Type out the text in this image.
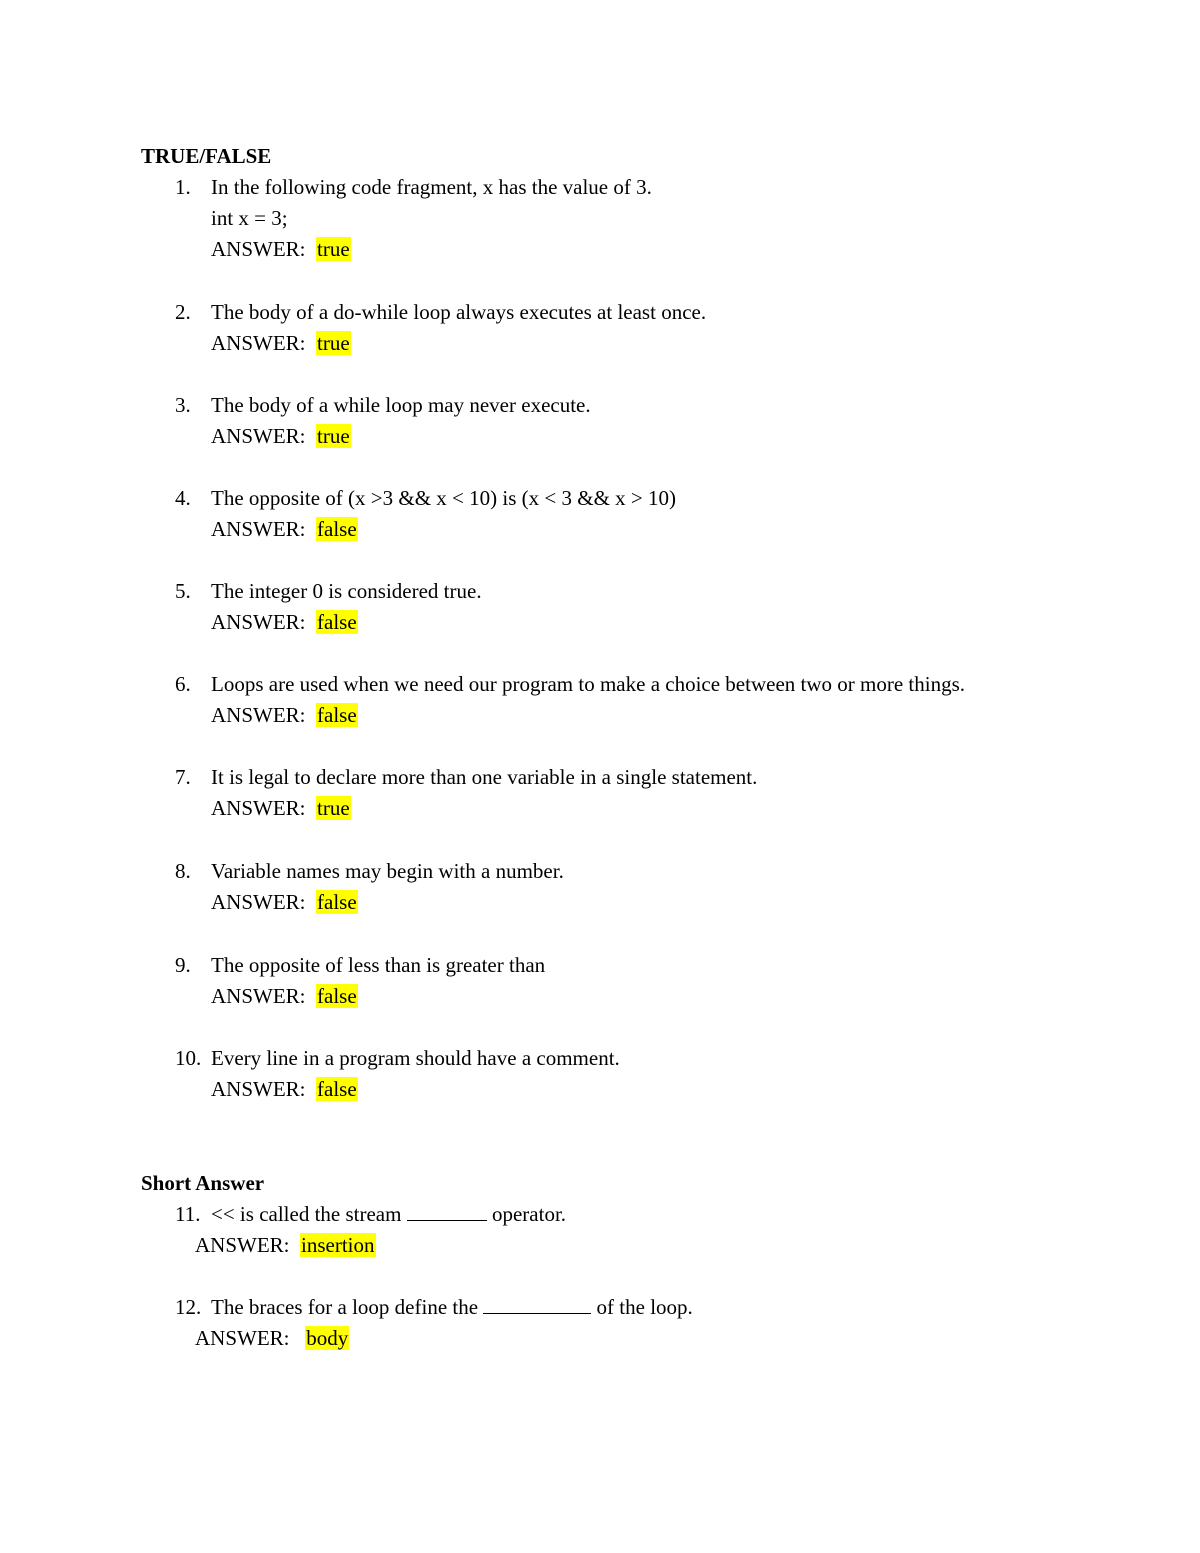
TRUE/FALSE
1. In the following code fragment, x has the value of 3.
int x = 3;
ANSWER: true
2. The body of a do-while loop always executes at least once.
ANSWER: true
3. The body of a while loop may never execute.
ANSWER: true
4. The opposite of (x >3 && x < 10) is (x < 3 && x > 10)
ANSWER: false
5. The integer 0 is considered true.
ANSWER: false
6. Loops are used when we need our program to make a choice between two or more things.
ANSWER: false
7. It is legal to declare more than one variable in a single statement.
ANSWER: true
8. Variable names may begin with a number.
ANSWER: false
9. The opposite of less than is greater than
ANSWER: false
10. Every line in a program should have a comment.
ANSWER: false
Short Answer
11. << is called the stream	operator.
ANSWER: insertion
12. The braces for a loop define the	of the loop.
ANSWER: body
